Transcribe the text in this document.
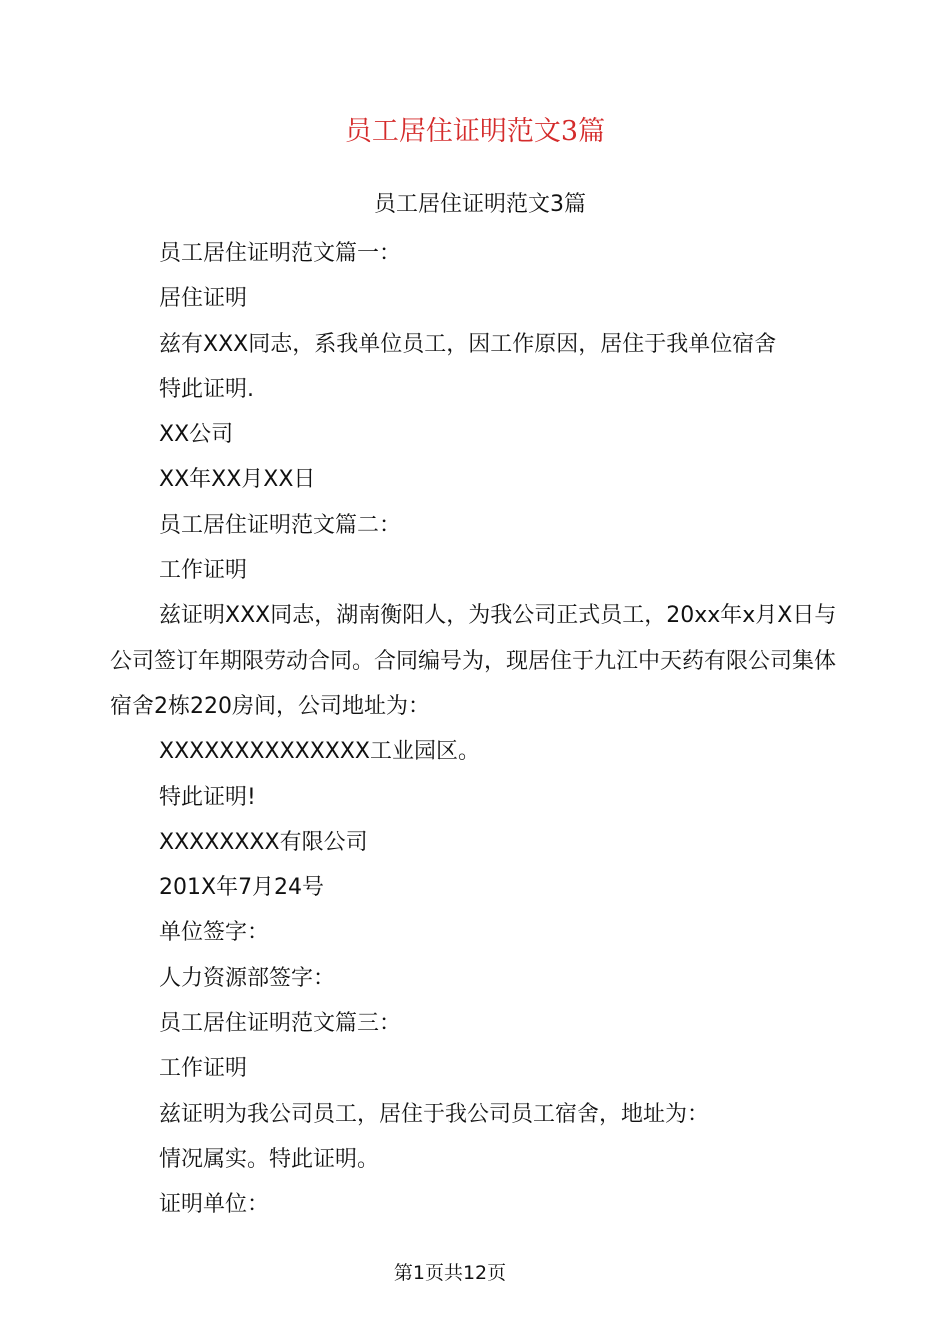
员工居住证明范文3篇
员工居住证明范文3篇

员工居住证明范文篇一：

居住证明

兹有XXX同志，系我单位员工，因工作原因，居住于我单位宿舍

特此证明.

XX公司

XX年XX月XX日

员工居住证明范文篇二：

工作证明

兹证明XXX同志，湖南衡阳人，为我公司正式员工，20xx年x月X日与公司签订年期限劳动合同。合同编号为，现居住于九江中天药有限公司集体宿舍2栋220房间，公司地址为：

XXXXXXXXXXXXXX工业园区。

特此证明!

XXXXXXXX有限公司

201X年7月24号

单位签字：

人力资源部签字：

员工居住证明范文篇三：

工作证明

兹证明为我公司员工，居住于我公司员工宿舍，地址为：

情况属实。特此证明。

证明单位：

第1页共12页
